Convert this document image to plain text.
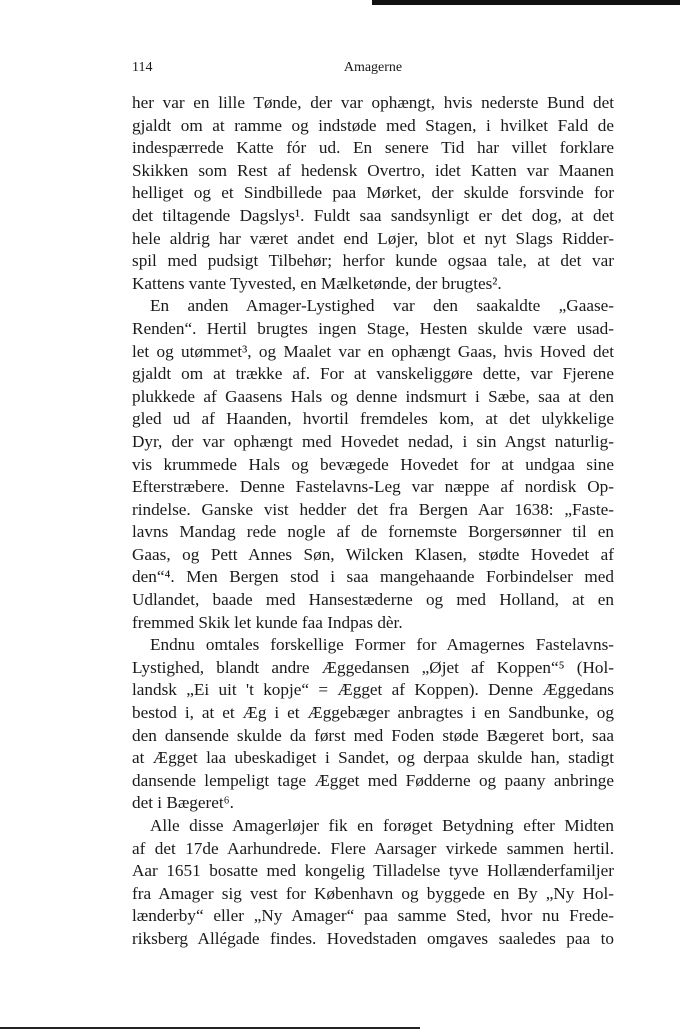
114	Amagerne
her var en lille Tønde, der var ophængt, hvis nederste Bund det
gjaldt om at ramme og indstøde med Stagen, i hvilket Fald de
indespærrede Katte fór ud. En senere Tid har villet forklare
Skikken som Rest af hedensk Overtro, idet Katten var Maanen
helliget og et Sindbillede paa Mørket, der skulde forsvinde for
det tiltagende Dagslys¹. Fuldt saa sandsynligt er det dog, at det
hele aldrig har været andet end Løjer, blot et nyt Slags Ridder-
spil med pudsigt Tilbehør; herfor kunde ogsaa tale, at det var
Kattens vante Tyvested, en Mælketønde, der brugtes².
En anden Amager-Lystighed var den saakaldte „Gaase-
Renden“. Hertil brugtes ingen Stage, Hesten skulde være usad-
let og utømmet³, og Maalet var en ophængt Gaas, hvis Hoved det
gjaldt om at trække af. For at vanskeliggøre dette, var Fjerene
plukkede af Gaasens Hals og denne indsmurt i Sæbe, saa at den
gled ud af Haanden, hvortil fremdeles kom, at det ulykkelige
Dyr, der var ophængt med Hovedet nedad, i sin Angst naturlig-
vis krummede Hals og bevægede Hovedet for at undgaa sine
Efterstræbere. Denne Fastelavns-Leg var næppe af nordisk Op-
rindelse. Ganske vist hedder det fra Bergen Aar 1638: „Faste-
lavns Mandag rede nogle af de fornemste Borgersønner til en
Gaas, og Pett Annes Søn, Wilcken Klasen, stødte Hovedet af
den“⁴. Men Bergen stod i saa mangehaande Forbindelser med
Udlandet, baade med Hansestæderne og med Holland, at en
fremmed Skik let kunde faa Indpas dèr.
Endnu omtales forskellige Former for Amagernes Fastelavns-
Lystighed, blandt andre Æggedansen „Øjet af Koppen“⁵ (Hol-
landsk „Ei uit 't kopje“ = Ægget af Koppen). Denne Æggedans
bestod i, at et Æg i et Æggebæger anbragtes i en Sandbunke, og
den dansende skulde da først med Foden støde Bægeret bort, saa
at Ægget laa ubeskadiget i Sandet, og derpaa skulde han, stadigt
dansende lempeligt tage Ægget med Fødderne og paany anbringe
det i Bægeret⁶.
Alle disse Amagerløjer fik en forøget Betydning efter Midten
af det 17de Aarhundrede. Flere Aarsager virkede sammen hertil.
Aar 1651 bosatte med kongelig Tilladelse tyve Hollænderfamiljer
fra Amager sig vest for København og byggede en By „Ny Hol-
lænderby“ eller „Ny Amager“ paa samme Sted, hvor nu Frede-
riksberg Allégade findes. Hovedstaden omgaves saaledes paa to
